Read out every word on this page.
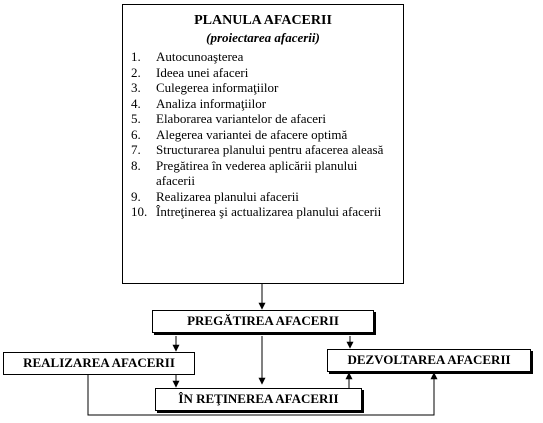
PLANULA AFACERII
(proiectarea afacerii)
1.	Autocunoaşterea
2.	Ideea unei afaceri
3.	Culegerea informaţiilor
4.	Analiza informaţiilor
5.	Elaborarea variantelor de afaceri
6.	Alegerea variantei de afacere optimă
7.	Structurarea planului pentru afacerea aleasă
8.	Pregătirea în vederea aplicării planului afacerii
9.	Realizarea planului afacerii
10. Întreţinerea şi actualizarea planului afacerii
PREGĂTIREA AFACERII
REALIZAREA AFACERII	DEZVOLTAREA AFACERII
ÎN REŢINEREA AFACERII
